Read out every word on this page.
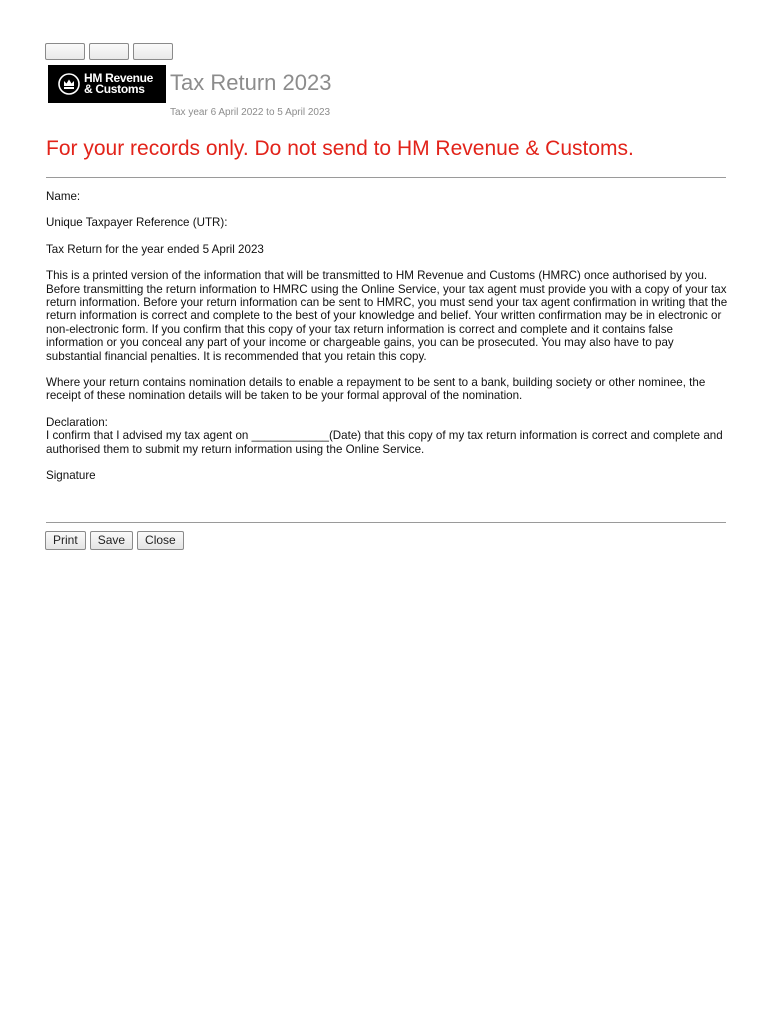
HM Revenue
& Customs	Tax Return 2023
Tax year 6 April 2022 to 5 April 2023
For your records only. Do not send to HM Revenue & Customs.

Name:

Unique Taxpayer Reference (UTR):

Tax Return for the year ended 5 April 2023

This is a printed version of the information that will be transmitted to HM Revenue and Customs (HMRC) once authorised by you. Before transmitting the return information to HMRC using the Online Service, your tax agent must provide you with a copy of your tax return information. Before your return information can be sent to HMRC, you must send your tax agent confirmation in writing that the return information is correct and complete to the best of your knowledge and belief. Your written confirmation may be in electronic or non-electronic form. If you confirm that this copy of your tax return information is correct and complete and it contains false information or you conceal any part of your income or chargeable gains, you can be prosecuted. You may also have to pay substantial financial penalties. It is recommended that you retain this copy.

Where your return contains nomination details to enable a repayment to be sent to a bank, building society or other nominee, the receipt of these nomination details will be taken to be your formal approval of the nomination.

Declaration:

I confirm that I advised my tax agent on ____________(Date) that this copy of my tax return information is correct and complete and authorised them to submit my return information using the Online Service.

Signature

Print	Save	Close
